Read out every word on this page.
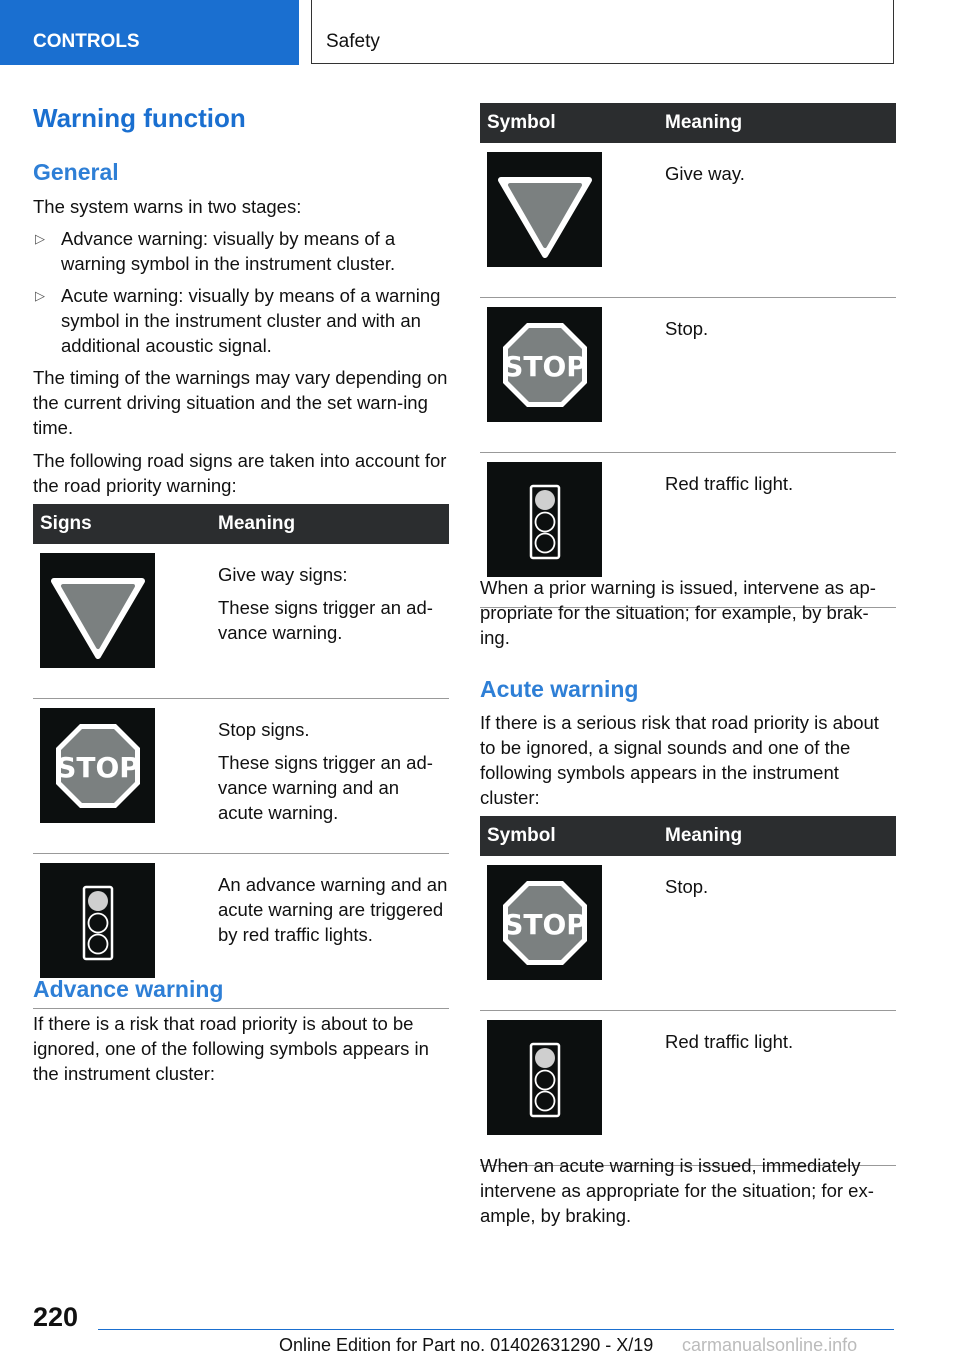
CONTROLS	Safety
Warning function
General

The system warns in two stages:

▷ Advance warning: visually by means of a warning symbol in the instrument cluster.
▷ Acute warning: visually by means of a warning symbol in the instrument cluster and with an additional acoustic signal.

The timing of the warnings may vary depending on the current driving situation and the set warn‐ing time.

The following road signs are taken into account for the road priority warning:

Signs	Meaning

Give way signs:
These signs trigger an ad‐vance warning.

STOP	Stop signs.
These signs trigger an ad‐vance warning and an acute warning.

An advance warning and an acute warning are triggered by red traffic lights.
Advance warning

If there is a risk that road priority is about to be ignored, one of the following symbols appears in the instrument cluster:

Symbol	Meaning

Give way.

STOP	Stop.

Red traffic light.

When a prior warning is issued, intervene as ap‐propriate for the situation; for example, by brak‐ing.

Acute warning

If there is a serious risk that road priority is about to be ignored, a signal sounds and one of the following symbols appears in the instrument cluster:

Symbol	Meaning

STOP	Stop.

Red traffic light.

When an acute warning is issued, immediately intervene as appropriate for the situation; for ex‐ample, by braking.

220
Online Edition for Part no. 01402631290 - X/19 carmanualsonline.info
